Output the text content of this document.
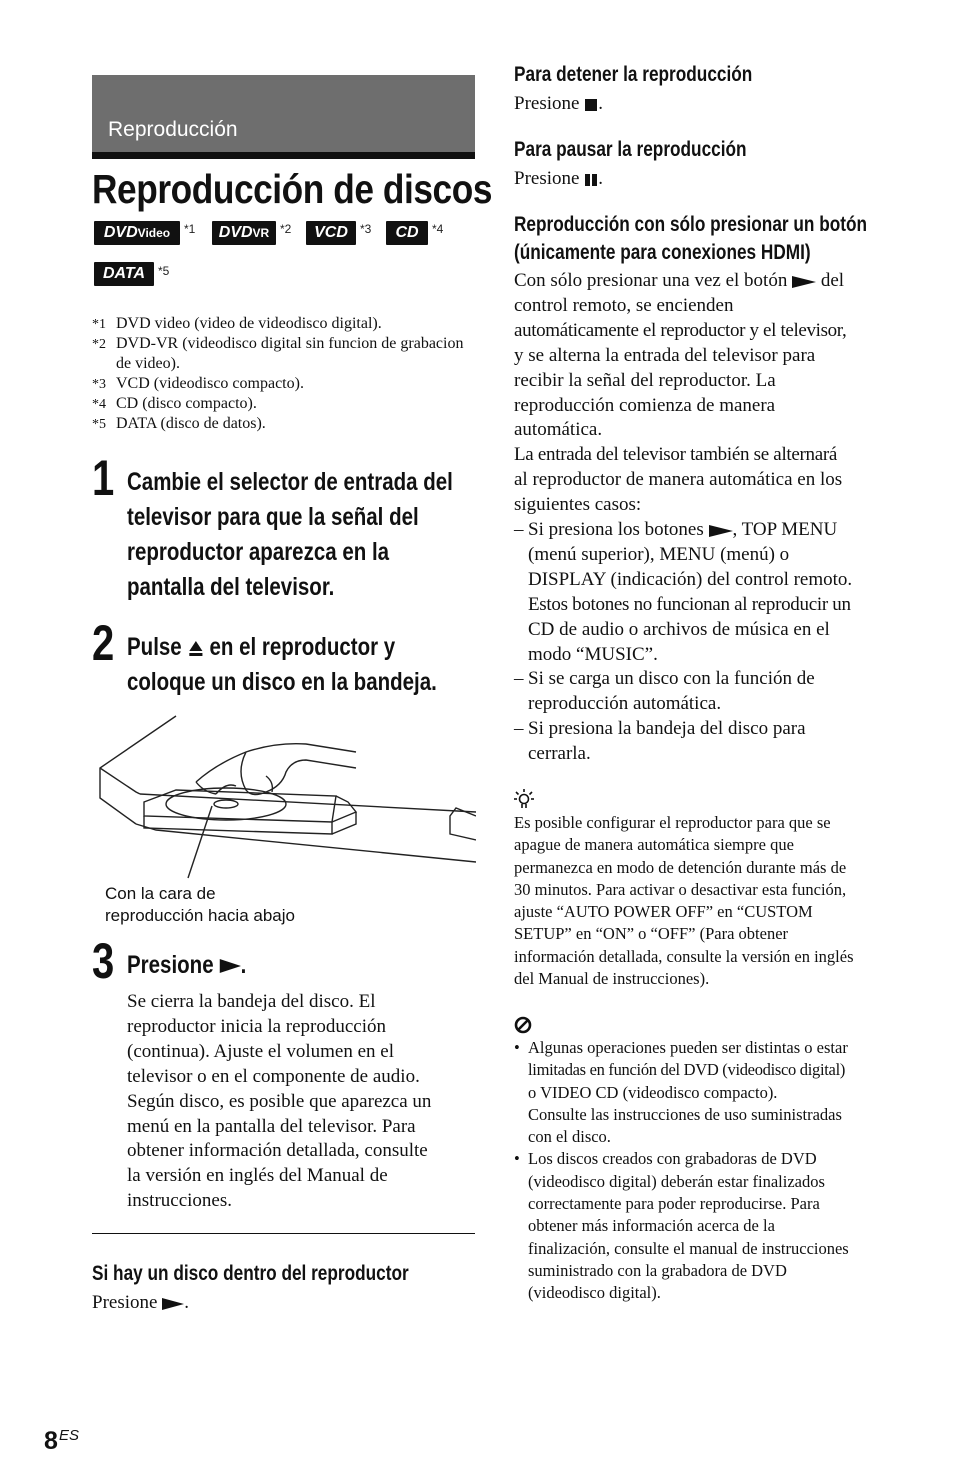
Reproducción
Reproducción de discos
DVDVideo	*1	DVDVR *2	VCD	*3	CD	*4
DATA	*5
*1 DVD video (video de videodisco digital).
*2 DVD-VR (videodisco digital sin funcion de grabacion de video).
*3 VCD (videodisco compacto).
*4 CD (disco compacto).
*5 DATA (disco de datos).
1 Cambie el selector de entrada del
televisor para que la señal del
reproductor aparezca en la
pantalla del televisor.
2 Pulse  en el reproductor y
coloque un disco en la bandeja.
Con la cara de
reproducción hacia abajo
3 Presione .
Se cierra la bandeja del disco. El
reproductor inicia la reproducción
(continua). Ajuste el volumen en el
televisor o en el componente de audio.
Según disco, es posible que aparezca un
menú en la pantalla del televisor. Para
obtener información detallada, consulte
la versión en inglés del Manual de
instrucciones.
Si hay un disco dentro del reproductor
Presione .
Para detener la reproducción
Presione .
Para pausar la reproducción
Presione .
Reproducción con sólo presionar un botón
(únicamente para conexiones HDMI)
Con sólo presionar una vez el botón  del
control remoto, se encienden
automáticamente el reproductor y el televisor,
y se alterna la entrada del televisor para
recibir la señal del reproductor. La
reproducción comienza de manera
automática.
La entrada del televisor también se alternará
al reproductor de manera automática en los
siguientes casos:
– Si presiona los botones , TOP MENU
(menú superior), MENU (menú) o
DISPLAY (indicación) del control remoto.
Estos botones no funcionan al reproducir un
CD de audio o archivos de música en el
modo “MUSIC”.
– Si se carga un disco con la función de
reproducción automática.
– Si presiona la bandeja del disco para
cerrarla.
Es posible configurar el reproductor para que se
apague de manera automática siempre que
permanezca en modo de detención durante más de
30 minutos. Para activar o desactivar esta función,
ajuste “AUTO POWER OFF” en “CUSTOM
SETUP” en “ON” o “OFF” (Para obtener
información detallada, consulte la versión en inglés
del Manual de instrucciones).
• Algunas operaciones pueden ser distintas o estar
limitadas en función del DVD (videodisco digital)
o VIDEO CD (videodisco compacto).
Consulte las instrucciones de uso suministradas
con el disco.
• Los discos creados con grabadoras de DVD
(videodisco digital) deberán estar finalizados
correctamente para poder reproducirse. Para
obtener más información acerca de la
finalización, consulte el manual de instrucciones
suministrado con la grabadora de DVD
(videodisco digital).
8 ES
